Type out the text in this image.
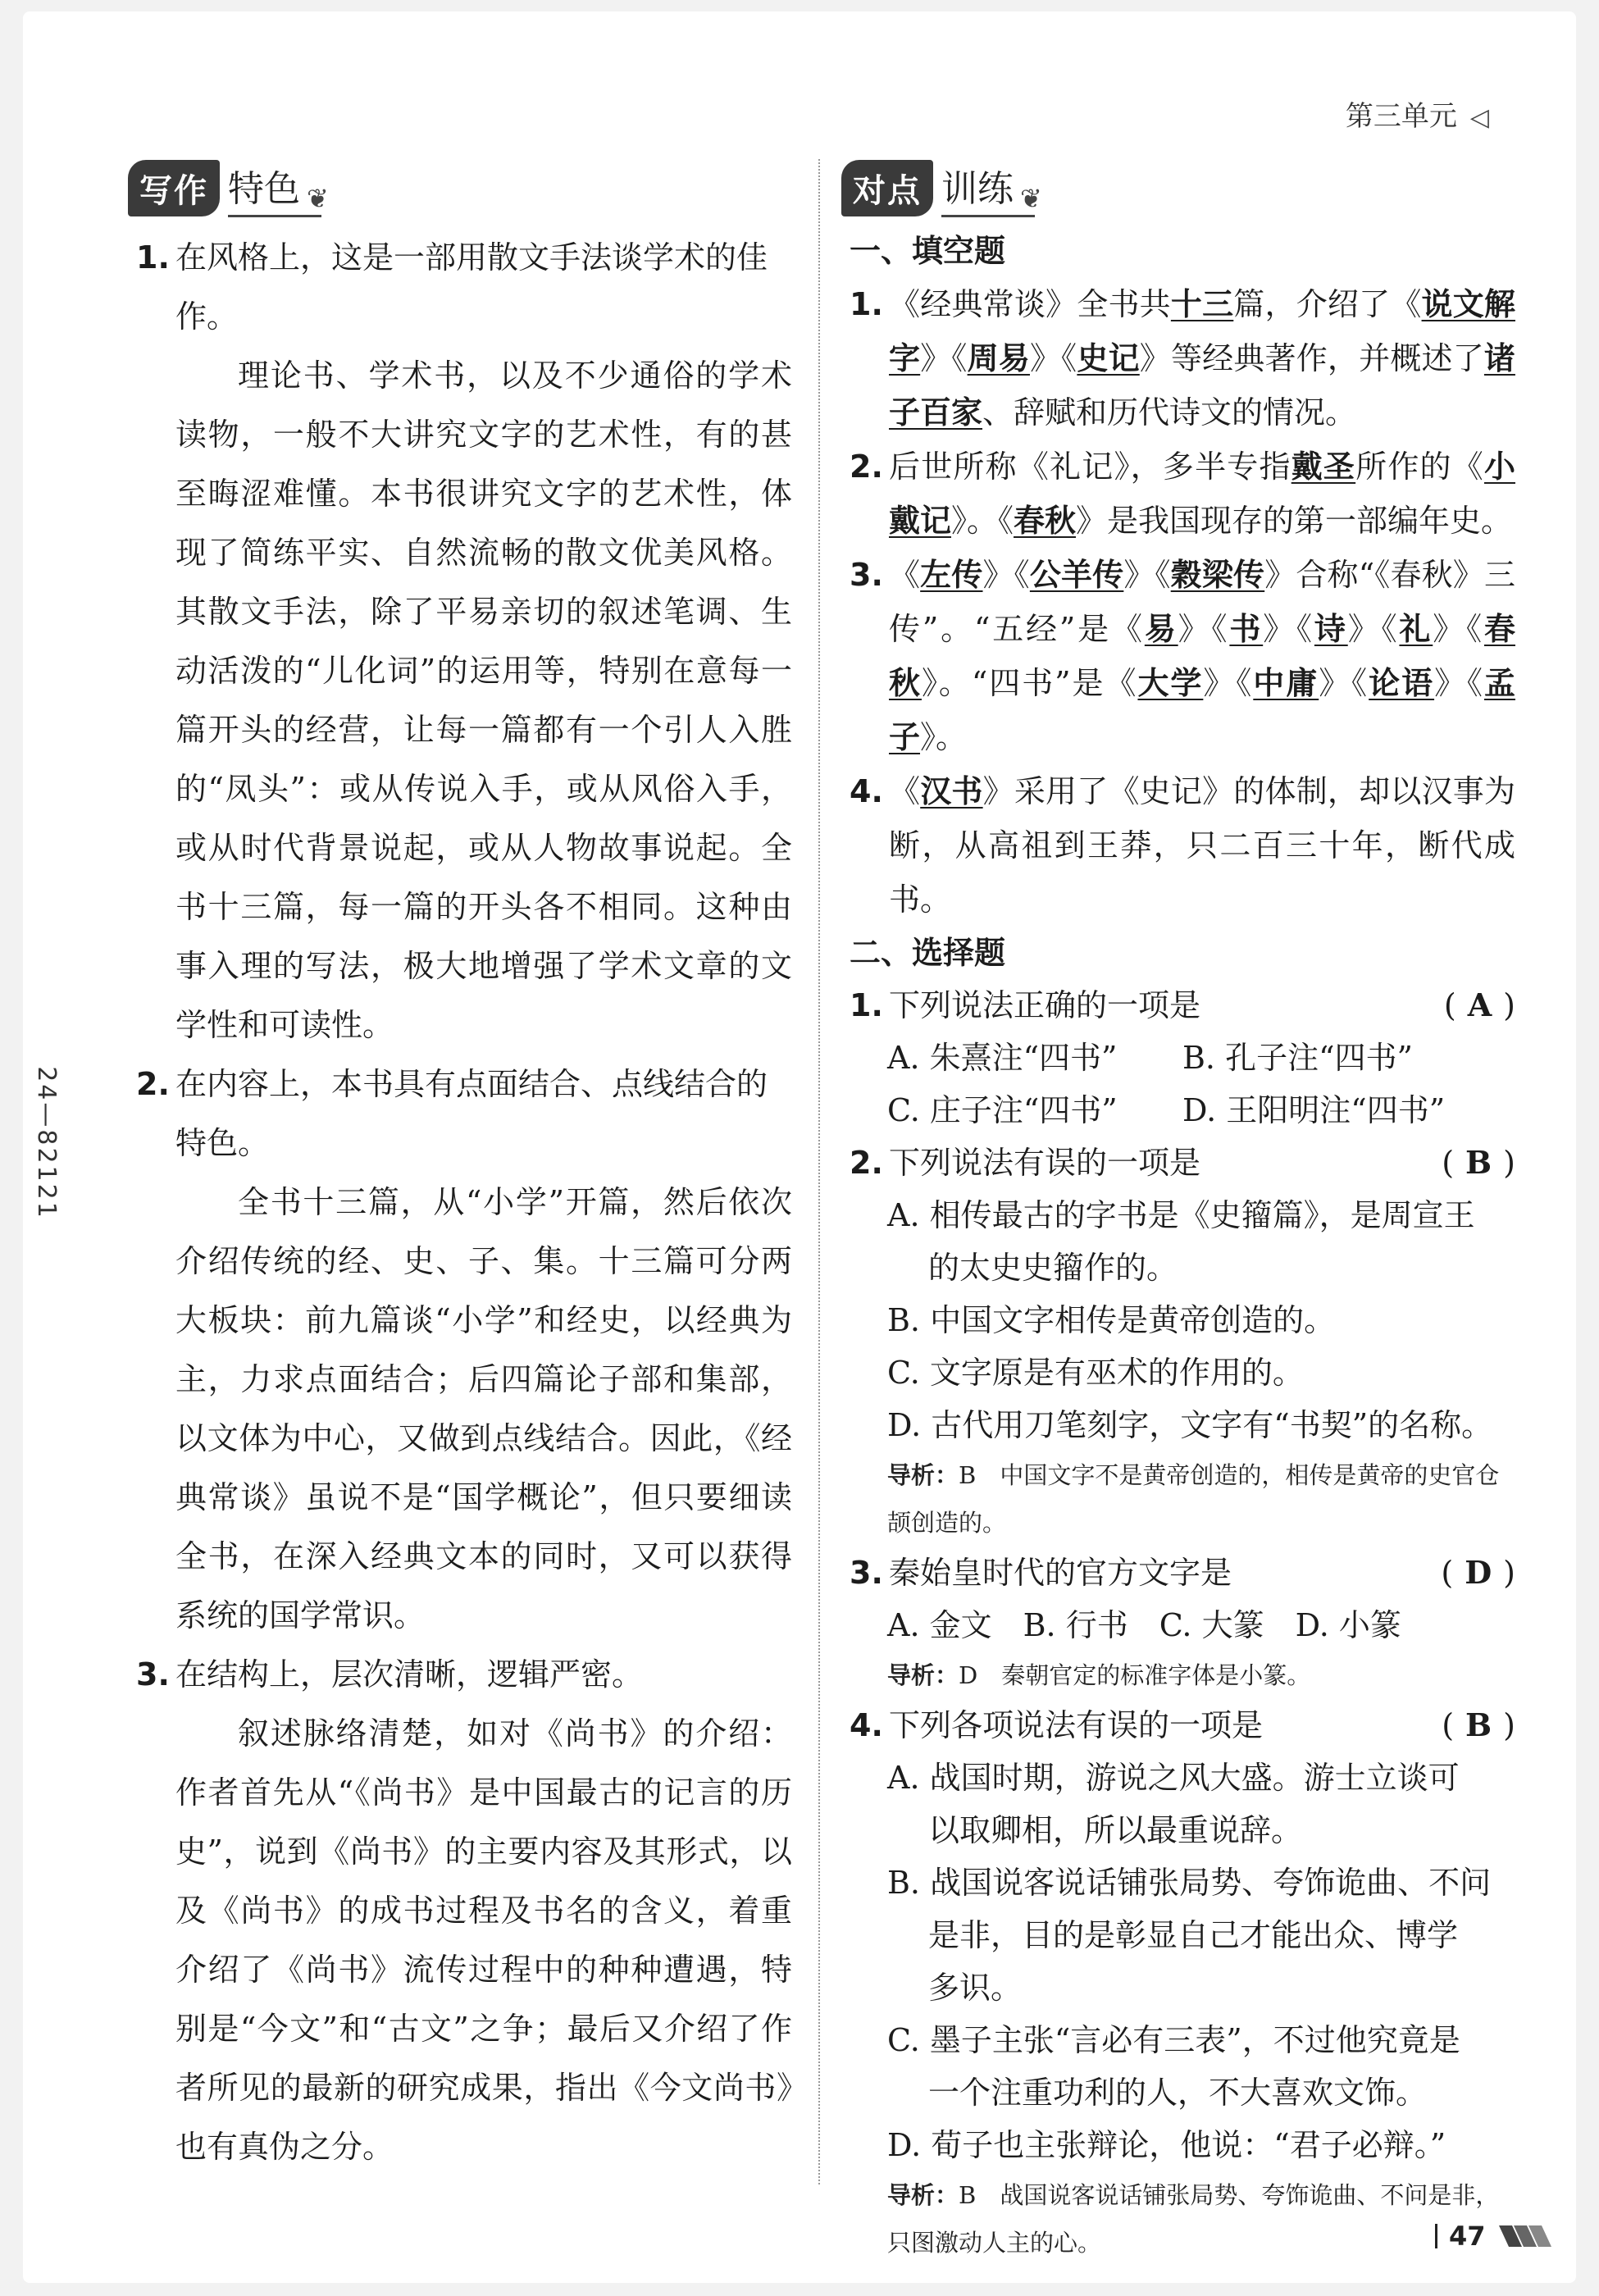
第三单元 ◁
24—82121
写作 特色 ❦
1. 在风格上，这是一部用散文手法谈学术的佳作。

理论书、学术书，以及不少通俗的学术读物，一般不大讲究文字的艺术性，有的甚至晦涩难懂。本书很讲究文字的艺术性，体现了简练平实、自然流畅的散文优美风格。其散文手法，除了平易亲切的叙述笔调、生动活泼的“儿化词”的运用等，特别在意每一篇开头的经营，让每一篇都有一个引人入胜的“凤头”：或从传说入手，或从风俗入手，或从时代背景说起，或从人物故事说起。全书十三篇，每一篇的开头各不相同。这种由事入理的写法，极大地增强了学术文章的文学性和可读性。

2. 在内容上，本书具有点面结合、点线结合的特色。

全书十三篇，从“小学”开篇，然后依次介绍传统的经、史、子、集。十三篇可分两大板块：前九篇谈“小学”和经史，以经典为主，力求点面结合；后四篇论子部和集部，以文体为中心，又做到点线结合。因此，《经典常谈》虽说不是“国学概论”，但只要细读全书，在深入经典文本的同时，又可以获得系统的国学常识。

3. 在结构上，层次清晰，逻辑严密。

叙述脉络清楚，如对《尚书》的介绍：作者首先从“《尚书》是中国最古的记言的历史”，说到《尚书》的主要内容及其形式，以及《尚书》的成书过程及书名的含义，着重介绍了《尚书》流传过程中的种种遭遇，特别是“今文”和“古文”之争；最后又介绍了作者所见的最新的研究成果，指出《今文尚书》也有真伪之分。

对点 训练 ❦
一、填空题
1. 《经典常谈》全书共十三篇，介绍了《说文解字》《周易》《史记》等经典著作，并概述了诸子百家、辞赋和历代诗文的情况。
2. 后世所称《礼记》，多半专指戴圣所作的《小戴记》。《春秋》是我国现存的第一部编年史。
3. 《左传》《公羊传》《穀梁传》合称“《春秋》三传”。“五经”是《易》《书》《诗》《礼》《春秋》。“四书”是《大学》《中庸》《论语》《孟子》。
4. 《汉书》采用了《史记》的体制，却以汉事为断，从高祖到王莽，只二百三十年，断代成书。
二、选择题
1. 下列说法正确的一项是	( A )
A. 朱熹注“四书”	B. 孔子注“四书”
C. 庄子注“四书”	D. 王阳明注“四书”
2. 下列说法有误的一项是	( B )
A. 相传最古的字书是《史籀篇》，是周宣王
的太史史籀作的。
B. 中国文字相传是黄帝创造的。
C. 文字原是有巫术的作用的。
D. 古代用刀笔刻字，文字有“书契”的名称。
导析：B　中国文字不是黄帝创造的，相传是黄帝的史官仓颉创造的。
3. 秦始皇时代的官方文字是	( D )
A. 金文 B. 行书 C. 大篆 D. 小篆
导析：D　秦朝官定的标准字体是小篆。
4. 下列各项说法有误的一项是	( B )
A. 战国时期，游说之风大盛。游士立谈可
以取卿相，所以最重说辞。
B. 战国说客说话铺张局势、夸饰诡曲、不问
是非，目的是彰显自己才能出众、博学
多识。
C. 墨子主张“言必有三表”，不过他究竟是
一个注重功利的人，不大喜欢文饰。
D. 荀子也主张辩论，他说：“君子必辩。”
导析：B　战国说客说话铺张局势、夸饰诡曲、不问是非，只图激动人主的心。	47
